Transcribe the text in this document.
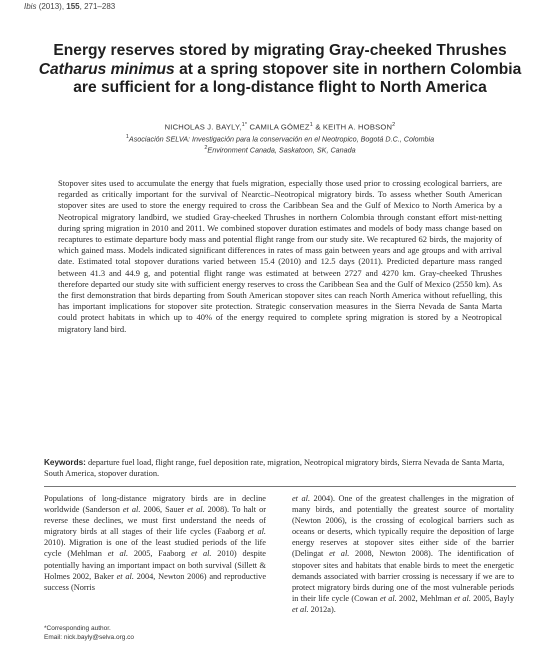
Ibis (2013), 155, 271–283
Energy reserves stored by migrating Gray-cheeked Thrushes Catharus minimus at a spring stopover site in northern Colombia are sufficient for a long-distance flight to North America
NICHOLAS J. BAYLY,$^{1*}$ CAMILA GÓMEZ$^1$ & KEITH A. HOBSON$^2$
$^1$Asociación SELVA: Investigación para la conservación en el Neotropico, Bogotá D.C., Colombia
$^2$Environment Canada, Saskatoon, SK, Canada

Stopover sites used to accumulate the energy that fuels migration, especially those used prior to crossing ecological barriers, are regarded as critically important for the survival of Nearctic–Neotropical migratory birds. To assess whether South American stopover sites are used to store the energy required to cross the Caribbean Sea and the Gulf of Mexico to North America by a Neotropical migratory landbird, we studied Gray-cheeked Thrushes in northern Colombia through constant effort mist-netting during spring migration in 2010 and 2011. We combined stopover duration estimates and models of body mass change based on recaptures to estimate departure body mass and potential flight range from our study site. We recaptured 62 birds, the majority of which gained mass. Models indicated significant differences in rates of mass gain between years and age groups and with arrival date. Estimated total stopover durations varied between 15.4 (2010) and 12.5 days (2011). Predicted departure mass ranged between 41.3 and 44.9 g, and potential flight range was estimated at between 2727 and 4270 km. Gray-cheeked Thrushes therefore departed our study site with sufficient energy reserves to cross the Caribbean Sea and the Gulf of Mexico (2550 km). As the first demonstration that birds departing from South American stopover sites can reach North America without refuelling, this has important implications for stopover site protection. Strategic conservation measures in the Sierra Nevada de Santa Marta could protect habitats in which up to 40% of the energy required to complete spring migration is stored by a Neotropical migratory land bird.

Keywords: departure fuel load, flight range, fuel deposition rate, migration, Neotropical migratory birds, Sierra Nevada de Santa Marta, South America, stopover duration.

Populations of long-distance migratory birds are in decline worldwide (Sanderson et al. 2006, Sauer et al. 2008). To halt or reverse these declines, we must first understand the needs of migratory birds at all stages of their life cycles (Faaborg et al. 2010). Migration is one of the least studied periods of the life cycle (Mehlman et al. 2005, Faaborg et al. 2010) despite potentially having an important impact on both survival (Sillett & Holmes 2002, Baker et al. 2004, Newton 2006) and reproductive success (Norris

et al. 2004). One of the greatest challenges in the migration of many birds, and potentially the greatest source of mortality (Newton 2006), is the crossing of ecological barriers such as oceans or deserts, which typically require the deposition of large energy reserves at stopover sites either side of the barrier (Delingat et al. 2008, Newton 2008). The identification of stopover sites and habitats that enable birds to meet the energetic demands associated with barrier crossing is necessary if we are to protect migratory birds during one of the most vulnerable periods in their life cycle (Cowan et al. 2002, Mehlman et al. 2005, Bayly et al. 2012a).

*Corresponding author.
Email: nick.bayly@selva.org.co
